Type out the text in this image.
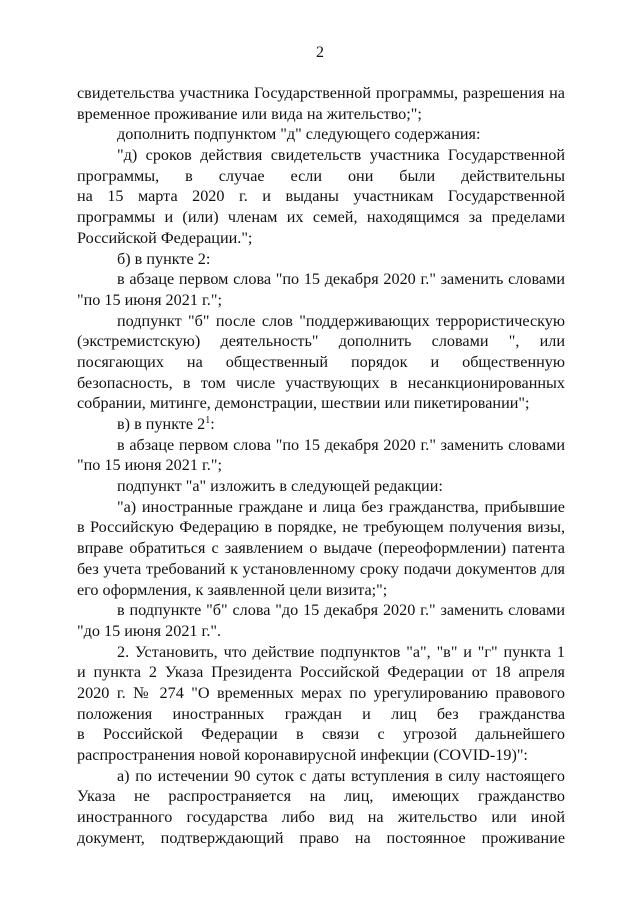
2
свидетельства участника Государственной программы, разрешения на
временное проживание или вида на жительство;";
дополнить подпунктом "д" следующего содержания:
"д) сроков действия свидетельств участника Государственной
программы, в случае если они были действительны
на 15 марта 2020 г. и выданы участникам Государственной
программы и (или) членам их семей, находящимся за пределами
Российской Федерации.";
б) в пункте 2:
в абзаце первом слова "по 15 декабря 2020 г." заменить словами
"по 15 июня 2021 г.";
подпункт "б" после слов "поддерживающих террористическую
(экстремистскую) деятельность" дополнить словами ", или
посягающих на общественный порядок и общественную
безопасность, в том числе участвующих в несанкционированных
собрании, митинге, демонстрации, шествии или пикетировании";
в) в пункте $2^1$:
в абзаце первом слова "по 15 декабря 2020 г." заменить словами
"по 15 июня 2021 г.";
подпункт "а" изложить в следующей редакции:
"а) иностранные граждане и лица без гражданства, прибывшие
в Российскую Федерацию в порядке, не требующем получения визы,
вправе обратиться с заявлением о выдаче (переоформлении) патента
без учета требований к установленному сроку подачи документов для
его оформления, к заявленной цели визита;";
в подпункте "б" слова "до 15 декабря 2020 г." заменить словами
"до 15 июня 2021 г.".
2. Установить, что действие подпунктов "а", "в" и "г" пункта 1
и пункта 2 Указа Президента Российской Федерации от 18 апреля
2020 г. № 274 "О временных мерах по урегулированию правового
положения иностранных граждан и лиц без гражданства
в Российской Федерации в связи с угрозой дальнейшего
распространения новой коронавирусной инфекции (COVID-19)":
а) по истечении 90 суток с даты вступления в силу настоящего
Указа не распространяется на лиц, имеющих гражданство
иностранного государства либо вид на жительство или иной
документ, подтверждающий право на постоянное проживание
